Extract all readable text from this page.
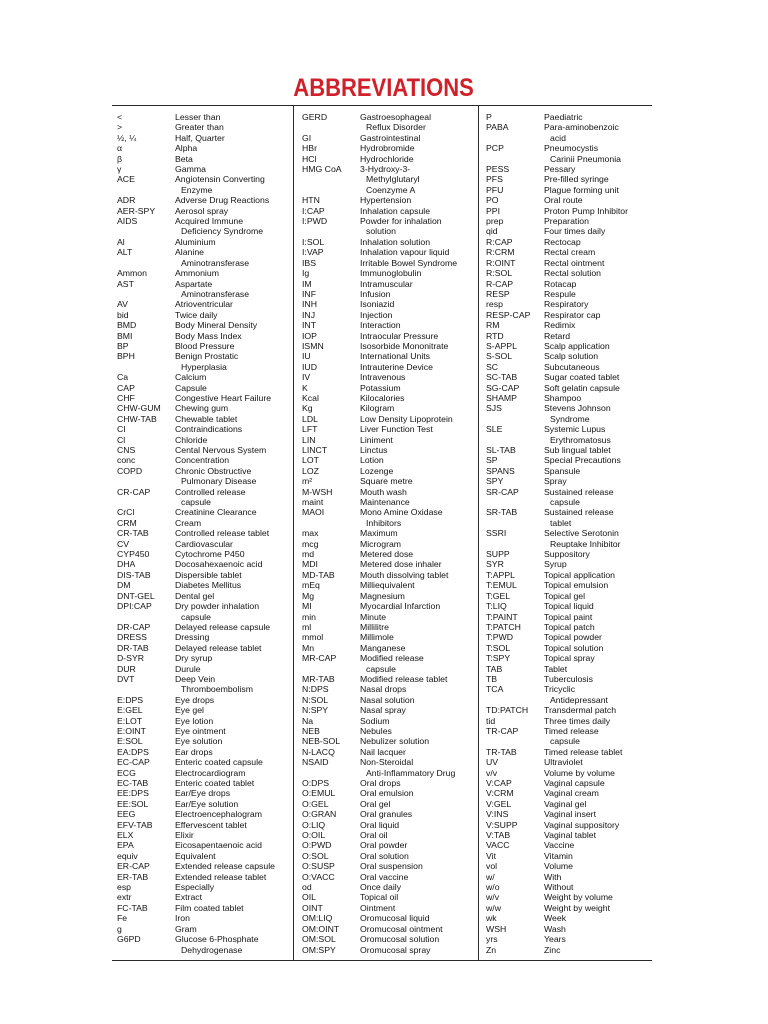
ABBREVIATIONS
<	Lesser than
>	Greater than
½, ¼	Half, Quarter
α	Alpha
β	Beta
γ	Gamma
ACE	Angiotensin Converting
Enzyme
ADR	Adverse Drug Reactions
AER-SPY Aerosol spray
AIDS	Acquired Immune
Deficiency Syndrome
Al	Aluminium
ALT	Alanine
Aminotransferase
Ammon	Ammonium
AST	Aspartate
Aminotransferase
AV	Atrioventricular
bid	Twice daily
BMD	Body Mineral Density
BMI	Body Mass Index
BP	Blood Pressure
BPH	Benign Prostatic
Hyperplasia
Ca	Calcium
CAP	Capsule
CHF	Congestive Heart Failure
CHW-GUM Chewing gum
CHW-TAB Chewable tablet
CI	Contraindications
Cl	Chloride
CNS	Cental Nervous System
conc	Concentration
COPD	Chronic Obstructive
Pulmonary Disease
CR-CAP	Controlled release
capsule
CrCl	Creatinine Clearance
CRM	Cream
CR-TAB	Controlled release tablet
CV	Cardiovascular
CYP450	Cytochrome P450
DHA	Docosahexaenoic acid
DIS-TAB	Dispersible tablet
DM	Diabetes Mellitus
DNT-GEL Dental gel
DPI:CAP	Dry powder inhalation
capsule
DR-CAP	Delayed release capsule
DRESS	Dressing
DR-TAB	Delayed release tablet
D-SYR	Dry syrup
DUR	Durule
DVT	Deep Vein
Thromboembolism
E:DPS	Eye drops
E:GEL	Eye gel
E:LOT	Eye lotion
E:OINT	Eye ointment
E:SOL	Eye solution
EA:DPS	Ear drops
EC-CAP	Enteric coated capsule
ECG	Electrocardiogram
EC-TAB	Enteric coated tablet
EE:DPS	Ear/Eye drops
EE:SOL	Ear/Eye solution
EEG	Electroencephalogram
EFV-TAB	Effervescent tablet
ELX	Elixir
EPA	Eicosapentaenoic acid
equiv	Equivalent
ER-CAP	Extended release capsule
ER-TAB	Extended release tablet
esp	Especially
extr	Extract
FC-TAB	Film coated tablet
Fe	Iron
g	Gram
G6PD	Glucose 6-Phosphate
Dehydrogenase
GERD	Gastroesophageal
Reflux Disorder
GI	Gastrointestinal
HBr	Hydrobromide
HCl	Hydrochloride
HMG CoA 3-Hydroxy-3-
Methylglutaryl
Coenzyme A
HTN	Hypertension
I:CAP	Inhalation capsule
I:PWD	Powder for inhalation
solution
I:SOL	Inhalation solution
I:VAP	Inhalation vapour liquid
IBS	Irritable Bowel Syndrome
Ig	Immunoglobulin
IM	Intramuscular
INF	Infusion
INH	Isoniazid
INJ	Injection
INT	Interaction
IOP	Intraocular Pressure
ISMN	Isosorbide Mononitrate
IU	International Units
IUD	Intrauterine Device
IV	Intravenous
K	Potassium
Kcal	Kilocalories
Kg	Kilogram
LDL	Low Density Lipoprotein
LFT	Liver Function Test
LIN	Liniment
LINCT	Linctus
LOT	Lotion
LOZ	Lozenge
m²	Square metre
M-WSH	Mouth wash
maint	Maintenance
MAOI	Mono Amine Oxidase
Inhibitors
max	Maximum
mcg	Microgram
md	Metered dose
MDI	Metered dose inhaler
MD-TAB	Mouth dissolving tablet
mEq	Milliequivalent
Mg	Magnesium
MI	Myocardial Infarction
min	Minute
ml	Millilitre
mmol	Millimole
Mn	Manganese
MR-CAP	Modified release
capsule
MR-TAB	Modified release tablet
N:DPS	Nasal drops
N:SOL	Nasal solution
N:SPY	Nasal spray
Na	Sodium
NEB	Nebules
NEB-SOL Nebulizer solution
N-LACQ	Nail lacquer
NSAID	Non-Steroidal
Anti-Inflammatory Drug
O:DPS	Oral drops
O:EMUL	Oral emulsion
O:GEL	Oral gel
O:GRAN	Oral granules
O:LIQ	Oral liquid
O:OIL	Oral oil
O:PWD	Oral powder
O:SOL	Oral solution
O:SUSP	Oral suspension
O:VACC	Oral vaccine
od	Once daily
OIL	Topical oil
OINT	Ointment
OM:LIQ	Oromucosal liquid
OM:OINT Oromucosal ointment
OM:SOL	Oromucosal solution
OM:SPY	Oromucosal spray
P	Paediatric
PABA	Para-aminobenzoic
acid
PCP	Pneumocystis
Carinii Pneumonia
PESS	Pessary
PFS	Pre-filled syringe
PFU	Plague forming unit
PO	Oral route
PPI	Proton Pump Inhibitor
prep	Preparation
qid	Four times daily
R:CAP	Rectocap
R:CRM	Rectal cream
R:OINT	Rectal ointment
R:SOL	Rectal solution
R-CAP	Rotacap
RESP	Respule
resp	Respiratory
RESP-CAP Respirator cap
RM	Redimix
RTD	Retard
S-APPL	Scalp application
S-SOL	Scalp solution
SC	Subcutaneous
SC-TAB	Sugar coated tablet
SG-CAP	Soft gelatin capsule
SHAMP	Shampoo
SJS	Stevens Johnson
Syndrome
SLE	Systemic Lupus
Erythromatosus
SL-TAB	Sub lingual tablet
SP	Special Precautions
SPANS	Spansule
SPY	Spray
SR-CAP	Sustained release
capsule
SR-TAB	Sustained release
tablet
SSRI	Selective Serotonin
Reuptake Inhibitor
SUPP	Suppository
SYR	Syrup
T:APPL	Topical application
T:EMUL	Topical emulsion
T:GEL	Topical gel
T:LIQ	Topical liquid
T:PAINT	Topical paint
T:PATCH	Topical patch
T:PWD	Topical powder
T:SOL	Topical solution
T:SPY	Topical spray
TAB	Tablet
TB	Tuberculosis
TCA	Tricyclic
Antidepressant
TD:PATCH Transdermal patch
tid	Three times daily
TR-CAP	Timed release
capsule
TR-TAB	Timed release tablet
UV	Ultraviolet
v/v	Volume by volume
V:CAP	Vaginal capsule
V:CRM	Vaginal cream
V:GEL	Vaginal gel
V:INS	Vaginal insert
V:SUPP	Vaginal suppository
V:TAB	Vaginal tablet
VACC	Vaccine
Vit	Vitamin
vol	Volume
w/	With
w/o	Without
w/v	Weight by volume
w/w	Weight by weight
wk	Week
WSH	Wash
yrs	Years
Zn	Zinc
